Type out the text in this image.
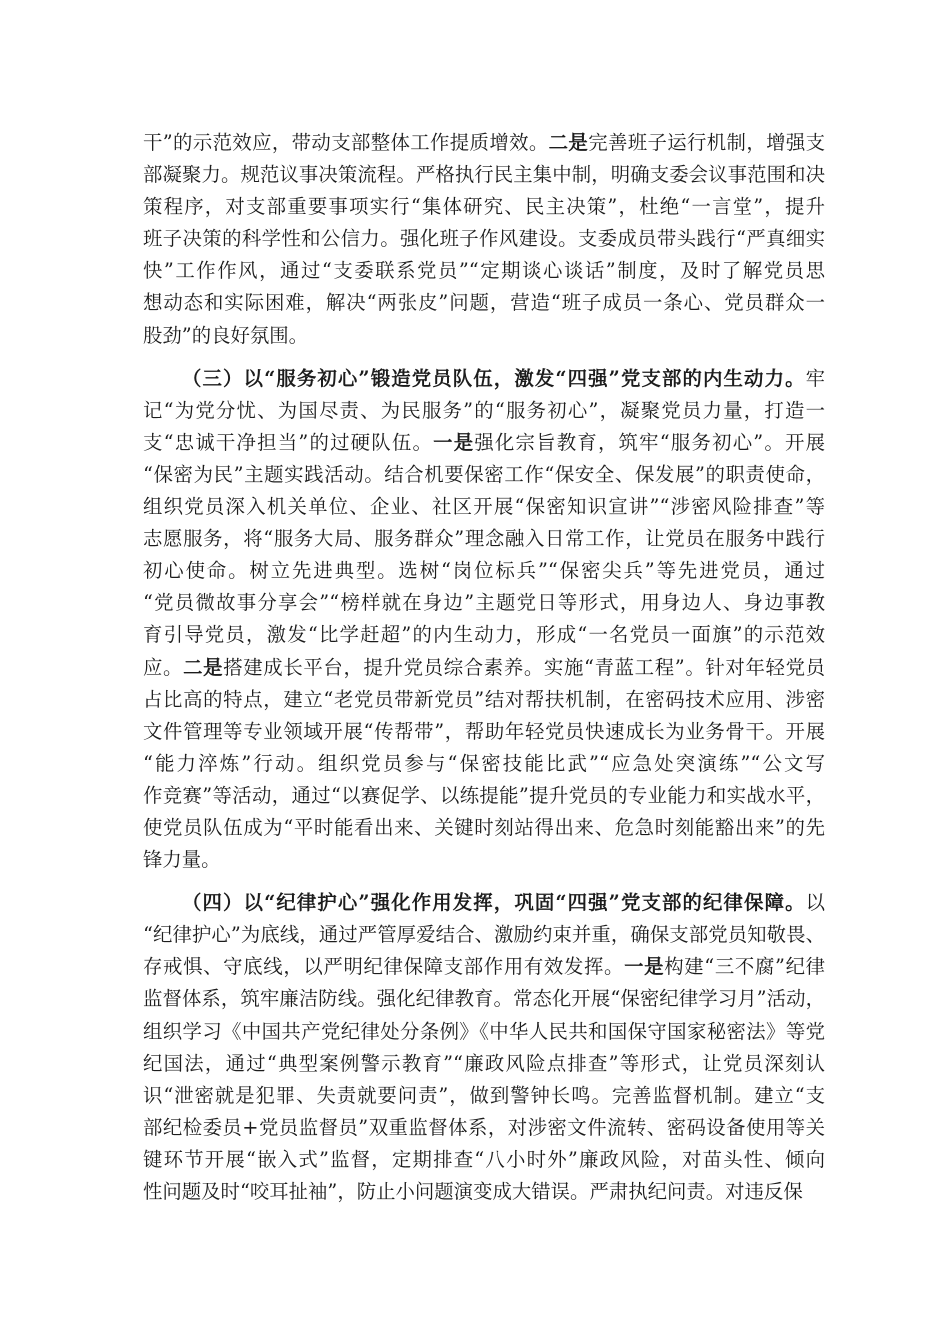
干”的示范效应，带动支部整体工作提质增效。二是完善班子运行机制，增强支
部凝聚力。规范议事决策流程。严格执行民主集中制，明确支委会议事范围和决
策程序，对支部重要事项实行“集体研究、民主决策”，杜绝“一言堂”，提升
班子决策的科学性和公信力。强化班子作风建设。支委成员带头践行“严真细实
快”工作作风，通过“支委联系党员”“定期谈心谈话”制度，及时了解党员思
想动态和实际困难，解决“两张皮”问题，营造“班子成员一条心、党员群众一
股劲”的良好氛围。
（三）以“服务初心”锻造党员队伍，激发“四强”党支部的内生动力。牢
记“为党分忧、为国尽责、为民服务”的“服务初心”，凝聚党员力量，打造一
支“忠诚干净担当”的过硬队伍。一是强化宗旨教育，筑牢“服务初心”。开展
“保密为民”主题实践活动。结合机要保密工作“保安全、保发展”的职责使命，
组织党员深入机关单位、企业、社区开展“保密知识宣讲”“涉密风险排查”等
志愿服务，将“服务大局、服务群众”理念融入日常工作，让党员在服务中践行
初心使命。树立先进典型。选树“岗位标兵”“保密尖兵”等先进党员，通过
“党员微故事分享会”“榜样就在身边”主题党日等形式，用身边人、身边事教
育引导党员，激发“比学赶超”的内生动力，形成“一名党员一面旗”的示范效
应。二是搭建成长平台，提升党员综合素养。实施“青蓝工程”。针对年轻党员
占比高的特点，建立“老党员带新党员”结对帮扶机制，在密码技术应用、涉密
文件管理等专业领域开展“传帮带”，帮助年轻党员快速成长为业务骨干。开展
“能力淬炼”行动。组织党员参与“保密技能比武”“应急处突演练”“公文写
作竞赛”等活动，通过“以赛促学、以练提能”提升党员的专业能力和实战水平，
使党员队伍成为“平时能看出来、关键时刻站得出来、危急时刻能豁出来”的先
锋力量。
（四）以“纪律护心”强化作用发挥，巩固“四强”党支部的纪律保障。以
“纪律护心”为底线，通过严管厚爱结合、激励约束并重，确保支部党员知敬畏、
存戒惧、守底线，以严明纪律保障支部作用有效发挥。一是构建“三不腐”纪律
监督体系，筑牢廉洁防线。强化纪律教育。常态化开展“保密纪律学习月”活动，
组织学习《中国共产党纪律处分条例》《中华人民共和国保守国家秘密法》等党
纪国法，通过“典型案例警示教育”“廉政风险点排查”等形式，让党员深刻认
识“泄密就是犯罪、失责就要问责”，做到警钟长鸣。完善监督机制。建立“支
部纪检委员+党员监督员”双重监督体系，对涉密文件流转、密码设备使用等关
键环节开展“嵌入式”监督，定期排查“八小时外”廉政风险，对苗头性、倾向
性问题及时“咬耳扯袖”，防止小问题演变成大错误。严肃执纪问责。对违反保
